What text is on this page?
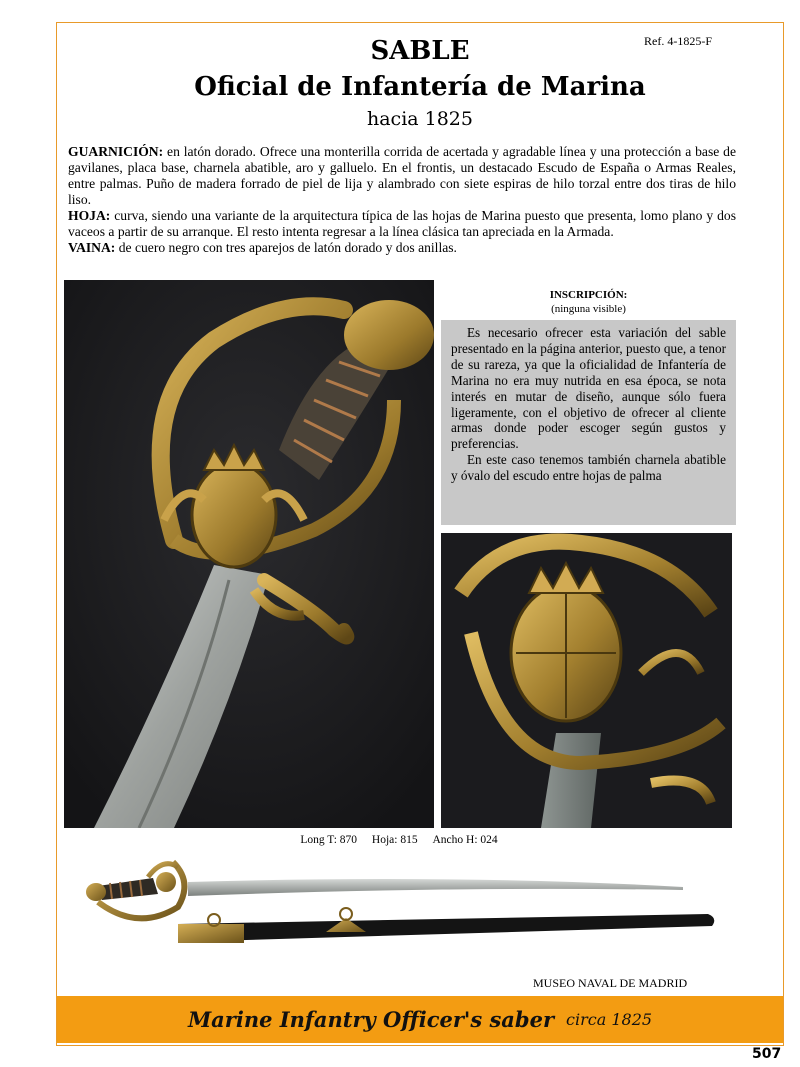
Ref. 4-1825-F
SABLE
Oficial de Infantería de Marina
hacia 1825

GUARNICIÓN: en latón dorado. Ofrece una monterilla corrida de acertada y agradable línea y una protección a base de gavilanes, placa base, charnela abatible, aro y galluelo. En el frontis, un destacado Escudo de España o Armas Reales, entre palmas. Puño de madera forrado de piel de lija y alambrado con siete espiras de hilo torzal entre dos tiras de hilo liso.

HOJA: curva, siendo una variante de la arquitectura típica de las hojas de Marina puesto que presenta, lomo plano y dos vaceos a partir de su arranque. El resto intenta regresar a la línea clásica tan apreciada en la Armada.

VAINA: de cuero negro con tres aparejos de latón dorado y dos anillas.

INSCRIPCIÓN:
(ninguna visible)

Es necesario ofrecer esta variación del sable presentado en la página anterior, puesto que, a tenor de su rareza, ya que la oficialidad de Infantería de Marina no era muy nutrida en esa época, se nota interés en mutar de diseño, aunque sólo fuera ligeramente, con el objetivo de ofrecer al cliente armas donde poder escoger según gustos y preferencias.

En este caso tenemos también charnela abatible y óvalo del escudo entre hojas de palma

Long T: 870 Hoja: 815 Ancho H: 024
MUSEO NAVAL DE MADRID
Marine Infantry Officer's saber circa 1825
507
